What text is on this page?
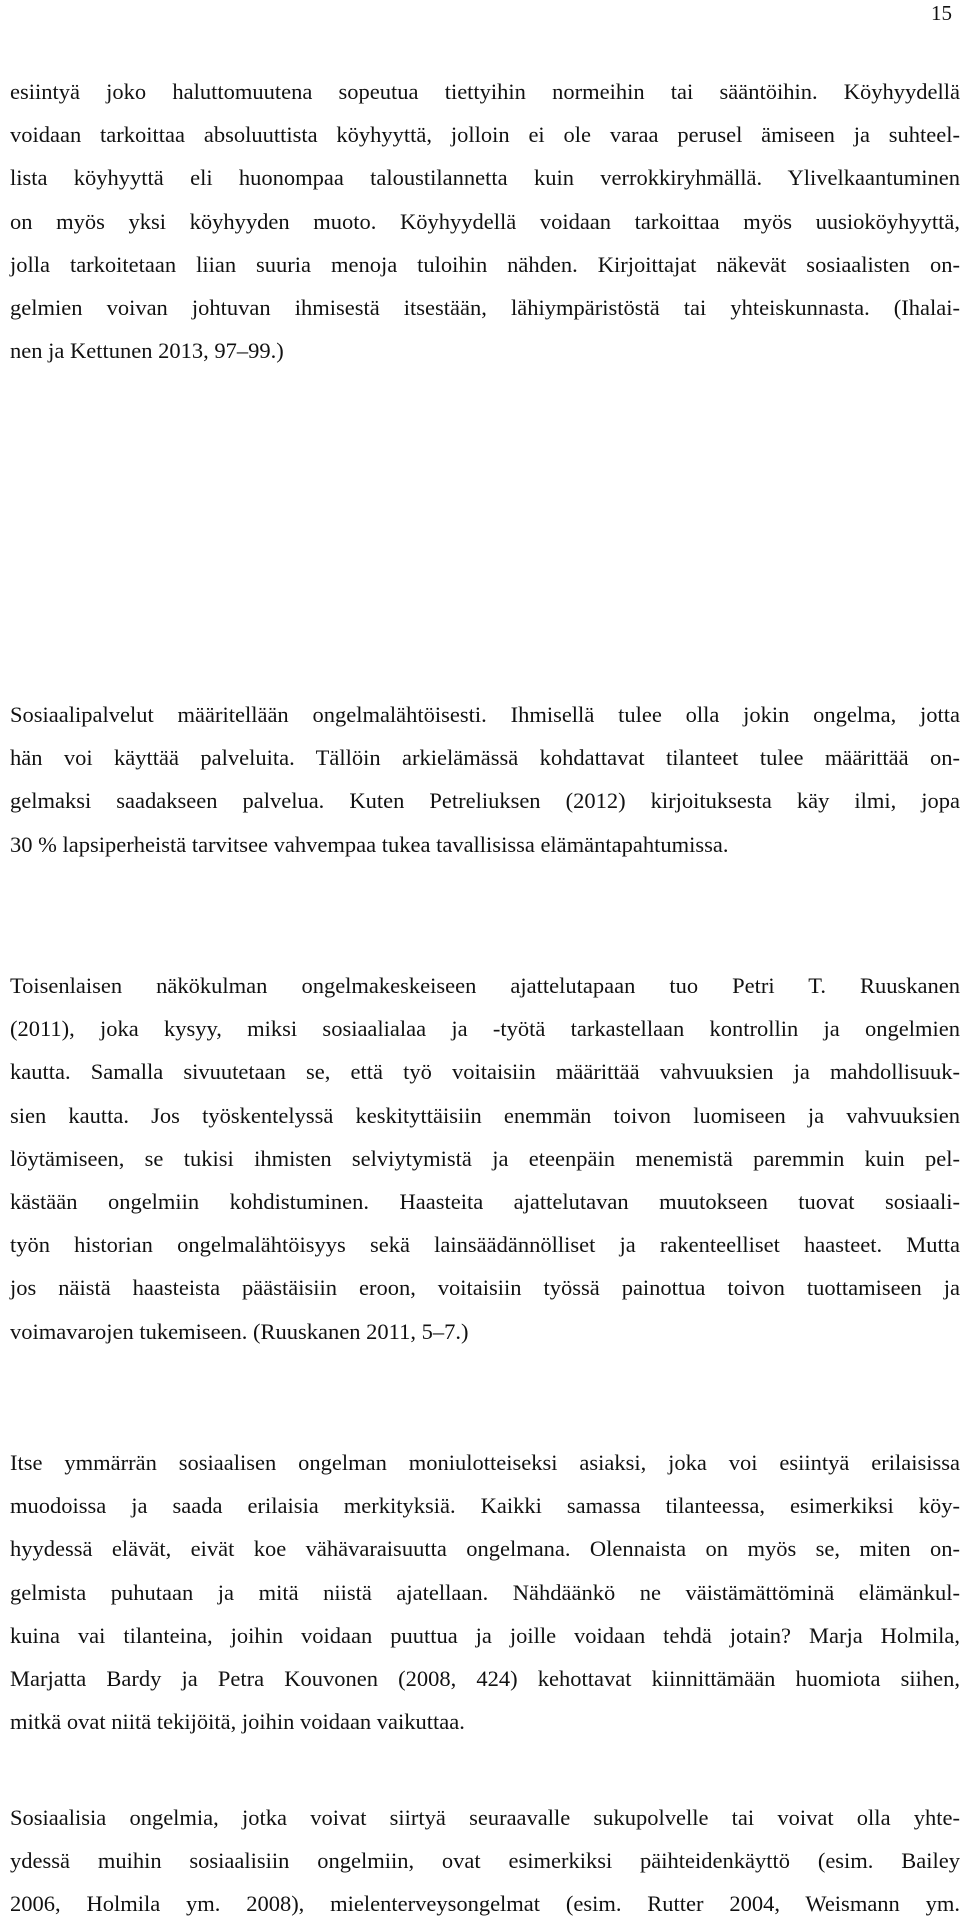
15
esiintyä joko haluttomuutena sopeutua tiettyihin normeihin tai sääntöihin. Köyhyydellä
voidaan tarkoittaa absoluuttista köyhyyttä, jolloin ei ole varaa perusel ämiseen ja suhteel-
lista köyhyyttä eli huonompaa taloustilannetta kuin verrokkiryhmällä. Ylivelkaantuminen
on myös yksi köyhyyden muoto. Köyhyydellä voidaan tarkoittaa myös uusioköyhyyttä,
jolla tarkoitetaan liian suuria menoja tuloihin nähden. Kirjoittajat näkevät sosiaalisten on-
gelmien voivan johtuvan ihmisestä itsestään, lähiympäristöstä tai yhteiskunnasta. (Ihalai-
nen ja Kettunen 2013, 97–99.)
Sosiaalipalvelut määritellään ongelmalähtöisesti. Ihmisellä tulee olla jokin ongelma, jotta
hän voi käyttää palveluita. Tällöin arkielämässä kohdattavat tilanteet tulee määrittää on-
gelmaksi saadakseen palvelua. Kuten Petreliuksen (2012) kirjoituksesta käy ilmi, jopa
30 % lapsiperheistä tarvitsee vahvempaa tukea tavallisissa elämäntapahtumissa.
Toisenlaisen näkökulman ongelmakeskeiseen ajattelutapaan tuo Petri T. Ruuskanen
(2011), joka kysyy, miksi sosiaalialaa ja -työtä tarkastellaan kontrollin ja ongelmien
kautta. Samalla sivuutetaan se, että työ voitaisiin määrittää vahvuuksien ja mahdollisuuk-
sien kautta. Jos työskentelyssä keskityttäisiin enemmän toivon luomiseen ja vahvuuksien
löytämiseen, se tukisi ihmisten selviytymistä ja eteenpäin menemistä paremmin kuin pel-
kästään ongelmiin kohdistuminen. Haasteita ajattelutavan muutokseen tuovat sosiaali-
työn historian ongelmalähtöisyys sekä lainsäädännölliset ja rakenteelliset haasteet. Mutta
jos näistä haasteista päästäisiin eroon, voitaisiin työssä painottua toivon tuottamiseen ja
voimavarojen tukemiseen. (Ruuskanen 2011, 5–7.)
Itse ymmärrän sosiaalisen ongelman moniulotteiseksi asiaksi, joka voi esiintyä erilaisissa
muodoissa ja saada erilaisia merkityksiä. Kaikki samassa tilanteessa, esimerkiksi köy-
hyydessä elävät, eivät koe vähävaraisuutta ongelmana. Olennaista on myös se, miten on-
gelmista puhutaan ja mitä niistä ajatellaan. Nähdäänkö ne väistämättöminä elämänkul-
kuina vai tilanteina, joihin voidaan puuttua ja joille voidaan tehdä jotain? Marja Holmila,
Marjatta Bardy ja Petra Kouvonen (2008, 424) kehottavat kiinnittämään huomiota siihen,
mitkä ovat niitä tekijöitä, joihin voidaan vaikuttaa.
Sosiaalisia ongelmia, jotka voivat siirtyä seuraavalle sukupolvelle tai voivat olla yhte-
ydessä muihin sosiaalisiin ongelmiin, ovat esimerkiksi päihteidenkäyttö (esim. Bailey
2006, Holmila ym. 2008), mielenterveysongelmat (esim. Rutter 2004, Weismann ym.
